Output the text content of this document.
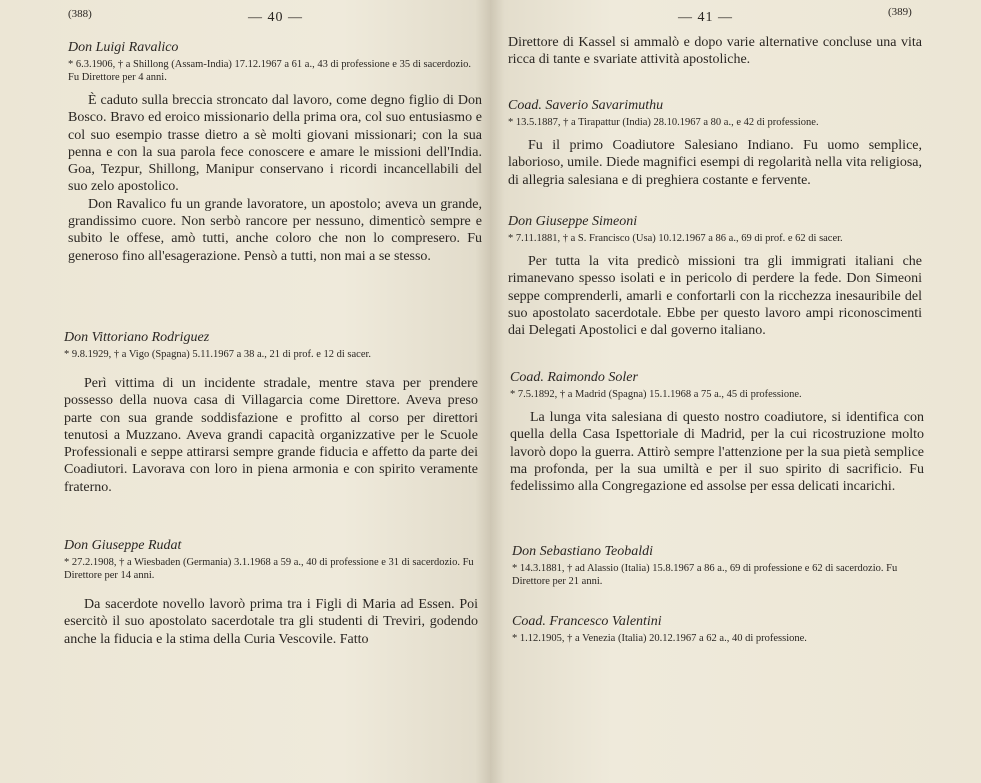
(388)	— 40 —

Don Luigi Ravalico

* 6.3.1906, † a Shillong (Assam-India) 17.12.1967 a 61 a., 43 di professione e 35 di sacerdozio. Fu Direttore per 4 anni.

È caduto sulla breccia stroncato dal lavoro, come degno figlio di Don Bosco. Bravo ed eroico missionario della prima ora, col suo entusiasmo e col suo esempio trasse dietro a sè molti giovani missionari; con la sua penna e con la sua parola fece conoscere e amare le missioni dell'India. Goa, Tezpur, Shillong, Manipur conservano i ricordi incancellabili del suo zelo apostolico.

Don Ravalico fu un grande lavoratore, un apostolo; aveva un grande, grandissimo cuore. Non serbò rancore per nessuno, dimenticò sempre e subito le offese, amò tutti, anche coloro che non lo compresero. Fu generoso fino all'esagerazione. Pensò a tutti, non mai a se stesso.

Don Vittoriano Rodriguez

* 9.8.1929, † a Vigo (Spagna) 5.11.1967 a 38 a., 21 di prof. e 12 di sacer.

Perì vittima di un incidente stradale, mentre stava per prendere possesso della nuova casa di Villagarcia come Direttore. Aveva preso parte con sua grande soddisfazione e profitto al corso per direttori tenutosi a Muzzano. Aveva grandi capacità organizzative per le Scuole Professionali e seppe attirarsi sempre grande fiducia e affetto da parte dei Coadiutori. Lavorava con loro in piena armonia e con spirito veramente fraterno.

Don Giuseppe Rudat

* 27.2.1908, † a Wiesbaden (Germania) 3.1.1968 a 59 a., 40 di professione e 31 di sacerdozio. Fu Direttore per 14 anni.

Da sacerdote novello lavorò prima tra i Figli di Maria ad Essen. Poi esercitò il suo apostolato sacerdotale tra gli studenti di Treviri, godendo anche la fiducia e la stima della Curia Vescovile. Fatto

— 41 —	(389)

Direttore di Kassel si ammalò e dopo varie alternative concluse una vita ricca di tante e svariate attività apostoliche.

Coad. Saverio Savarimuthu

* 13.5.1887, † a Tirapattur (India) 28.10.1967 a 80 a., e 42 di professione.

Fu il primo Coadiutore Salesiano Indiano. Fu uomo semplice, laborioso, umile. Diede magnifici esempi di regolarità nella vita religiosa, di allegria salesiana e di preghiera costante e fervente.

Don Giuseppe Simeoni

* 7.11.1881, † a S. Francisco (Usa) 10.12.1967 a 86 a., 69 di prof. e 62 di sacer.

Per tutta la vita predicò missioni tra gli immigrati italiani che rimanevano spesso isolati e in pericolo di perdere la fede. Don Simeoni seppe comprenderli, amarli e confortarli con la ricchezza inesauribile del suo apostolato sacerdotale. Ebbe per questo lavoro ampi riconoscimenti dai Delegati Apostolici e dal governo italiano.

Coad. Raimondo Soler

* 7.5.1892, † a Madrid (Spagna) 15.1.1968 a 75 a., 45 di professione.

La lunga vita salesiana di questo nostro coadiutore, si identifica con quella della Casa Ispettoriale di Madrid, per la cui ricostruzione molto lavorò dopo la guerra. Attirò sempre l'attenzione per la sua pietà semplice ma profonda, per la sua umiltà e per il suo spirito di sacrificio. Fu fedelissimo alla Congregazione ed assolse per essa delicati incarichi.

Don Sebastiano Teobaldi

* 14.3.1881, † ad Alassio (Italia) 15.8.1967 a 86 a., 69 di professione e 62 di sacerdozio. Fu Direttore per 21 anni.

Coad. Francesco Valentini

* 1.12.1905, † a Venezia (Italia) 20.12.1967 a 62 a., 40 di professione.
